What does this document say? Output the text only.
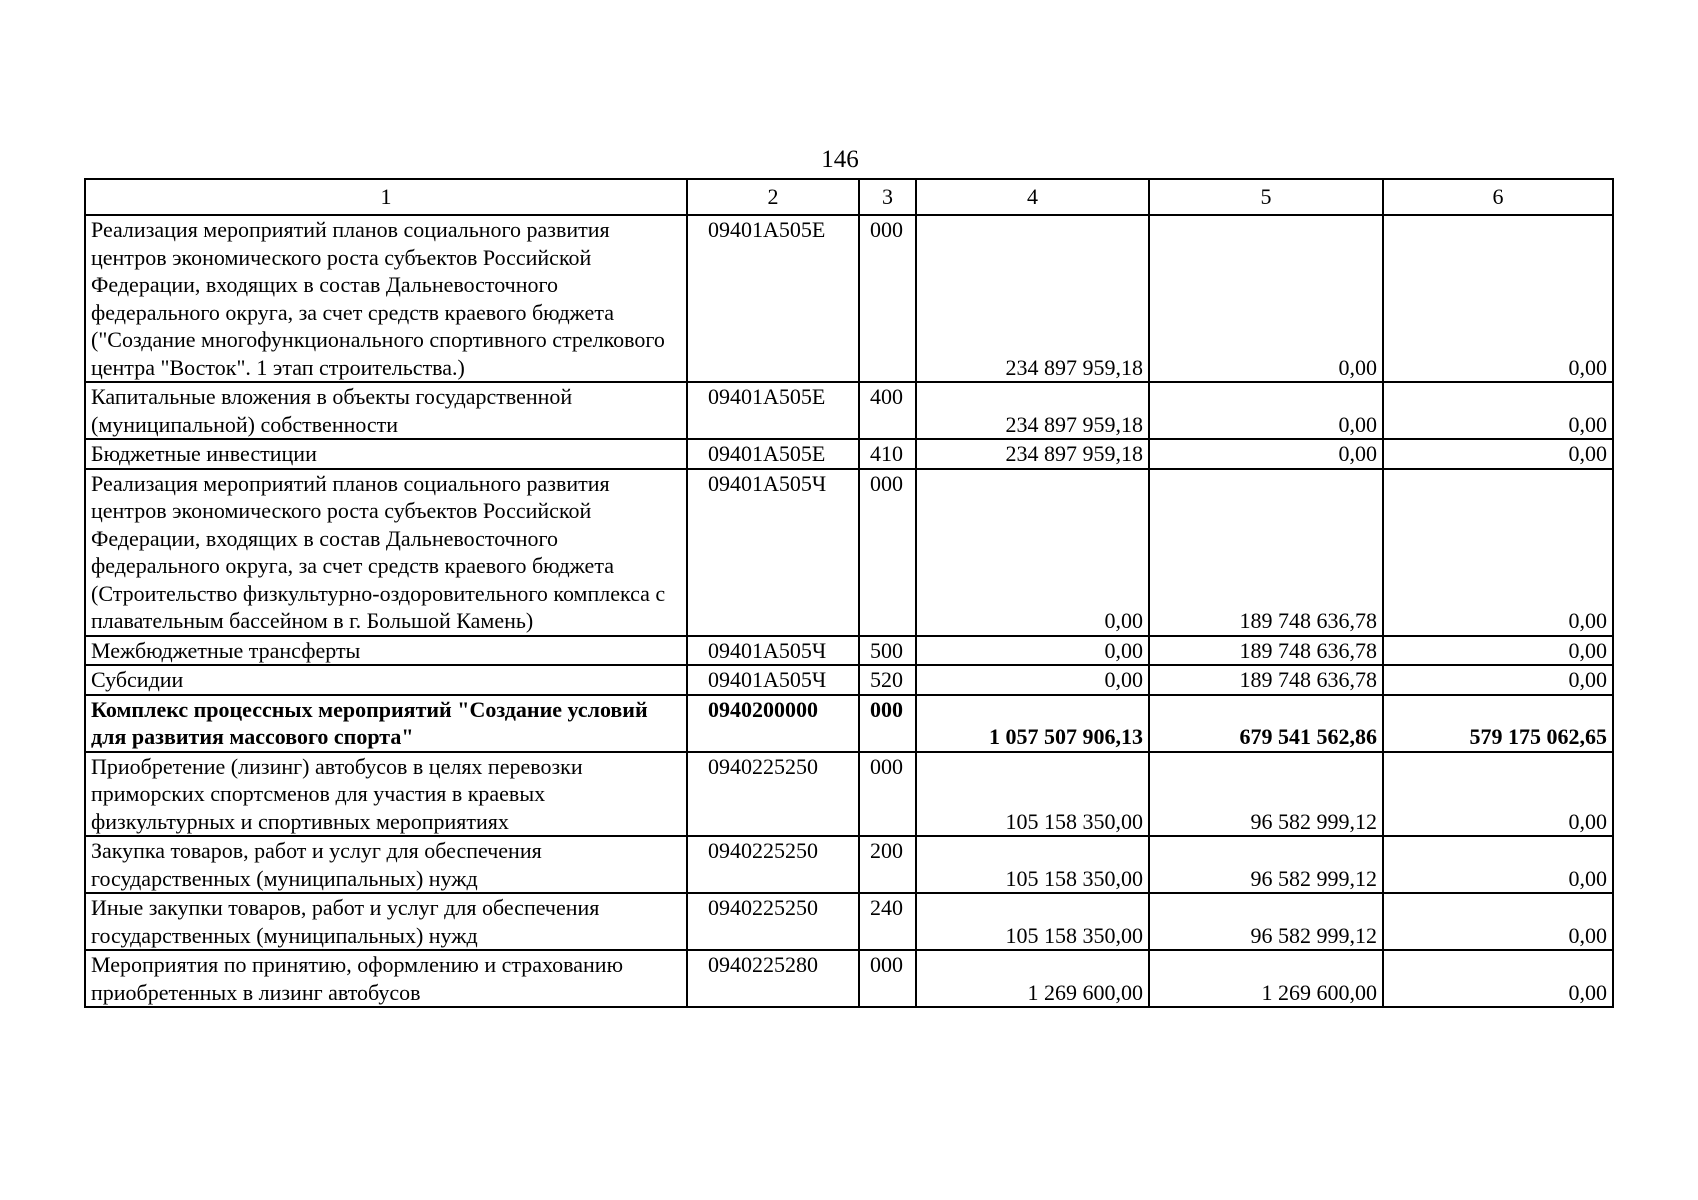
146
1	2	3	4	5	6
Реализация мероприятий планов социального развития центров экономического роста субъектов Российской Федерации, входящих в состав Дальневосточного федерального округа, за счет средств краевого бюджета ("Создание многофункционального спортивного стрелкового центра "Восток". 1 этап строительства.)	09401A505E	000	234 897 959,18	0,00	0,00
Капитальные вложения в объекты государственной (муниципальной) собственности	09401A505E	400	234 897 959,18	0,00	0,00
Бюджетные инвестиции	09401A505E	410	234 897 959,18	0,00	0,00
Реализация мероприятий планов социального развития центров экономического роста субъектов Российской Федерации, входящих в состав Дальневосточного федерального округа, за счет средств краевого бюджета (Строительство физкультурно-оздоровительного комплекса с плавательным бассейном в г. Большой Камень)	09401A505Ч	000	0,00	189 748 636,78	0,00
Межбюджетные трансферты	09401A505Ч	500	0,00	189 748 636,78	0,00
Субсидии	09401A505Ч	520	0,00	189 748 636,78	0,00
Комплекс процессных мероприятий "Создание условий для развития массового спорта"	0940200000	000	1 057 507 906,13	679 541 562,86	579 175 062,65
Приобретение (лизинг) автобусов в целях перевозки приморских спортсменов для участия в краевых физкультурных и спортивных мероприятиях	0940225250	000	105 158 350,00	96 582 999,12	0,00
Закупка товаров, работ и услуг для обеспечения государственных (муниципальных) нужд	0940225250	200	105 158 350,00	96 582 999,12	0,00
Иные закупки товаров, работ и услуг для обеспечения государственных (муниципальных) нужд	0940225250	240	105 158 350,00	96 582 999,12	0,00
Мероприятия по принятию, оформлению и страхованию приобретенных в лизинг автобусов	0940225280	000	1 269 600,00	1 269 600,00	0,00
